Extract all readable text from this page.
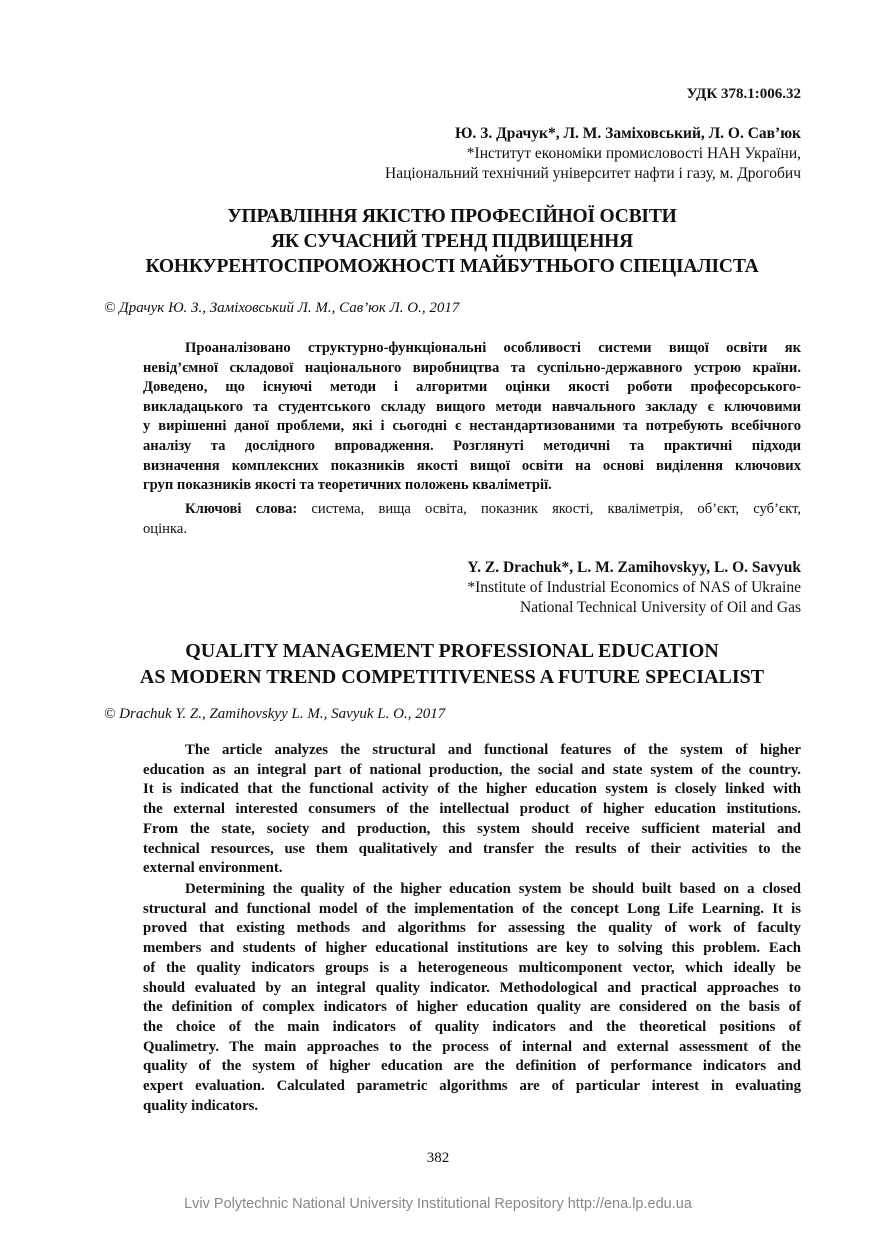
УДК 378.1:006.32
Ю. З. Драчук*, Л. М. Заміховський, Л. О. Сав’юк
*Інститут економіки промисловості НАН України,
Національний технічний університет нафти і газу, м. Дрогобич
УПРАВЛІННЯ ЯКІСТЮ ПРОФЕСІЙНОЇ ОСВІТИ
ЯК СУЧАСНИЙ ТРЕНД ПІДВИЩЕННЯ
КОНКУРЕНТОСПРОМОЖНОСТІ МАЙБУТНЬОГО СПЕЦІАЛІСТА
© Драчук Ю. З., Заміховський Л. М., Сав’юк Л. О., 2017
Проаналізовано структурно-функціональні особливості системи вищої освіти як
невід’ємної складової національного виробництва та суспільно-державного устрою країни.
Доведено, що існуючі методи і алгоритми оцінки якості роботи професорського-
викладацького та студентського складу вищого методи навчального закладу є ключовими
у вирішенні даної проблеми, які і сьогодні є нестандартизованими та потребують всебічного
аналізу та дослідного впровадження. Розглянуті методичні та практичні підходи
визначення комплексних показників якості вищої освіти на основі виділення ключових
груп показників якості та теоретичних положень кваліметрії.
Ключові слова: система, вища освіта, показник якості, кваліметрія, об’єкт, суб’єкт,
оцінка.
Y. Z. Drachuk*, L. M. Zamihovskyy, L. O. Savyuk
*Institute of Industrial Economics of NAS of Ukraine
National Technical University of Oil and Gas
QUALITY MANAGEMENT PROFESSIONAL EDUCATION
AS MODERN TREND COMPETITIVENESS A FUTURE SPECIALIST
© Drachuk Y. Z., Zamihovskyy L. M., Savyuk L. O., 2017
The article analyzes the structural and functional features of the system of higher
education as an integral part of national production, the social and state system of the country.
It is indicated that the functional activity of the higher education system is closely linked with
the external interested consumers of the intellectual product of higher education institutions.
From the state, society and production, this system should receive sufficient material and
technical resources, use them qualitatively and transfer the results of their activities to the
external environment.
Determining the quality of the higher education system be should built based on a closed
structural and functional model of the implementation of the concept Long Life Learning. It is
proved that existing methods and algorithms for assessing the quality of work of faculty
members and students of higher educational institutions are key to solving this problem. Each
of the quality indicators groups is a heterogeneous multicomponent vector, which ideally be
should evaluated by an integral quality indicator. Methodological and practical approaches to
the definition of complex indicators of higher education quality are considered on the basis of
the choice of the main indicators of quality indicators and the theoretical positions of
Qualimetry. The main approaches to the process of internal and external assessment of the
quality of the system of higher education are the definition of performance indicators and
expert evaluation. Calculated parametric algorithms are of particular interest in evaluating
quality indicators.
382
Lviv Polytechnic National University Institutional Repository http://ena.lp.edu.ua
